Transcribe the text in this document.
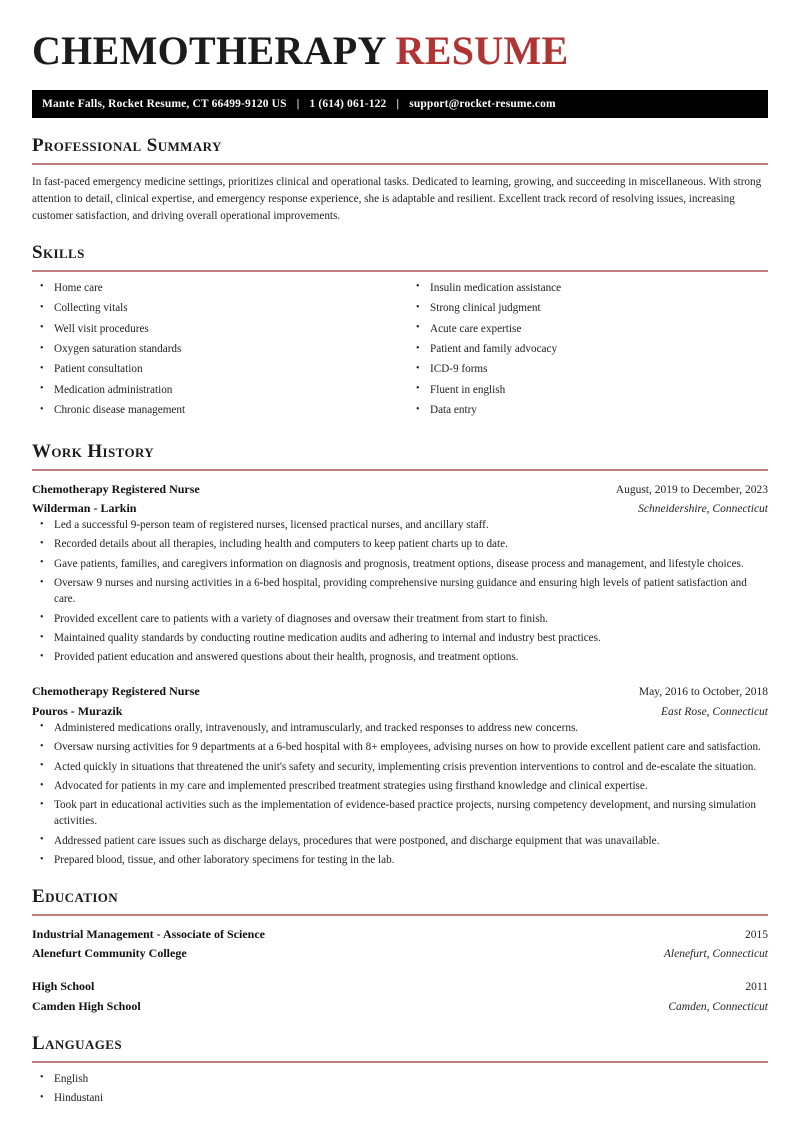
CHEMOTHERAPY RESUME
Mante Falls, Rocket Resume, CT 66499-9120 US | 1 (614) 061-122 | support@rocket-resume.com
Professional Summary

In fast-paced emergency medicine settings, prioritizes clinical and operational tasks. Dedicated to learning, growing, and succeeding in miscellaneous. With strong attention to detail, clinical expertise, and emergency response experience, she is adaptable and resilient. Excellent track record of resolving issues, increasing customer satisfaction, and driving overall operational improvements.

Skills
• Home care
• Collecting vitals
• Well visit procedures
• Oxygen saturation standards
• Patient consultation
• Medication administration
• Chronic disease management
• Insulin medication assistance
• Strong clinical judgment
• Acute care expertise
• Patient and family advocacy
• ICD-9 forms
• Fluent in english
• Data entry
Work History
Chemotherapy Registered Nurse	August, 2019 to December, 2023
Wilderman - Larkin	Schneidershire, Connecticut
• Led a successful 9-person team of registered nurses, licensed practical nurses, and ancillary staff.
• Recorded details about all therapies, including health and computers to keep patient charts up to date.
• Gave patients, families, and caregivers information on diagnosis and prognosis, treatment options, disease process and management, and lifestyle choices.
• Oversaw 9 nurses and nursing activities in a 6-bed hospital, providing comprehensive nursing guidance and ensuring high levels of patient satisfaction and care.
• Provided excellent care to patients with a variety of diagnoses and oversaw their treatment from start to finish.
• Maintained quality standards by conducting routine medication audits and adhering to internal and industry best practices.
• Provided patient education and answered questions about their health, prognosis, and treatment options.
Chemotherapy Registered Nurse	May, 2016 to October, 2018
Pouros - Murazik	East Rose, Connecticut
• Administered medications orally, intravenously, and intramuscularly, and tracked responses to address new concerns.
• Oversaw nursing activities for 9 departments at a 6-bed hospital with 8+ employees, advising nurses on how to provide excellent patient care and satisfaction.
• Acted quickly in situations that threatened the unit's safety and security, implementing crisis prevention interventions to control and de-escalate the situation.
• Advocated for patients in my care and implemented prescribed treatment strategies using firsthand knowledge and clinical expertise.
• Took part in educational activities such as the implementation of evidence-based practice projects, nursing competency development, and nursing simulation activities.
• Addressed patient care issues such as discharge delays, procedures that were postponed, and discharge equipment that was unavailable.
• Prepared blood, tissue, and other laboratory specimens for testing in the lab.
Education
Industrial Management - Associate of Science	2015
Alenefurt Community College	Alenefurt, Connecticut
High School	2011
Camden High School	Camden, Connecticut
Languages
• English
• Hindustani
